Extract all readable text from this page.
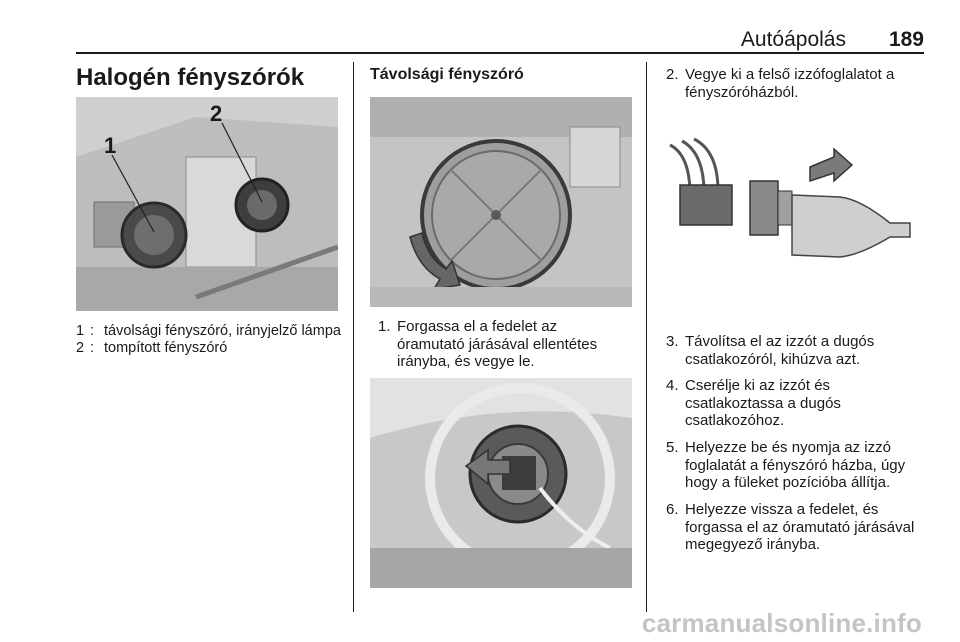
Autóápolás 189
Halogén fényszórók
1
2
1 : távolsági fényszóró, irányjelző lámpa
2 : tompított fényszóró
Távolsági fényszóró
1. Forgassa el a fedelet az óramutató járásával ellentétes irányba, és vegye le.
2. Vegye ki a felső izzófoglalatot a fényszóróházból.
3. Távolítsa el az izzót a dugós csatlakozóról, kihúzva azt.
4. Cserélje ki az izzót és csatlakoztassa a dugós csatlakozóhoz.
5. Helyezze be és nyomja az izzó foglalatát a fényszóró házba, úgy hogy a füleket pozícióba állítja.
6. Helyezze vissza a fedelet, és forgassa el az óramutató járásával megegyező irányba.
carmanualsonline.info
